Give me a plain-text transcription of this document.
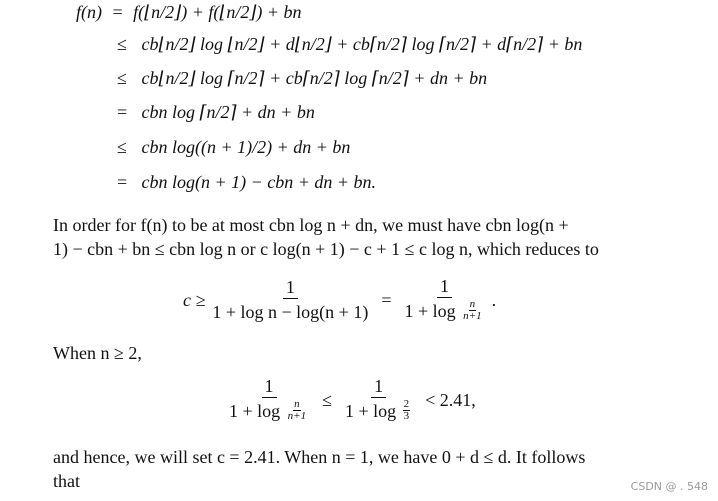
f(n) = f(⌊n/2⌋) + f(⌊n/2⌋) + bn
≤ cb⌊n/2⌋ log ⌊n/2⌋ + d⌊n/2⌋ + cb⌈n/2⌉ log ⌈n/2⌉ + d⌈n/2⌉ + bn
≤ cb⌊n/2⌋ log ⌈n/2⌉ + cb⌈n/2⌉ log ⌈n/2⌉ + dn + bn
= cbn log ⌈n/2⌉ + dn + bn
≤ cbn log((n + 1)/2) + dn + bn
= cbn log(n + 1) − cbn + dn + bn.
In order for f(n) to be at most cbn log n + dn, we must have cbn log(n +
1) − cbn + bn ≤ cbn log n or c log(n + 1) − c + 1 ≤ c log n, which reduces to
$c \ge \frac{1}{\text{1 + log n − log(n + 1)}} = \frac{1}{1 + \log \frac{n}{n+1}}$ .
When n ≥ 2,
$\frac{1}{1 + \log \frac{n}{n+1}} \le \frac{1}{1 + \log \frac{2}{3}} < 2.41$,
and hence, we will set c = 2.41. When n = 1, we have 0 + d ≤ d. It follows
that	CSDN @ . 548
